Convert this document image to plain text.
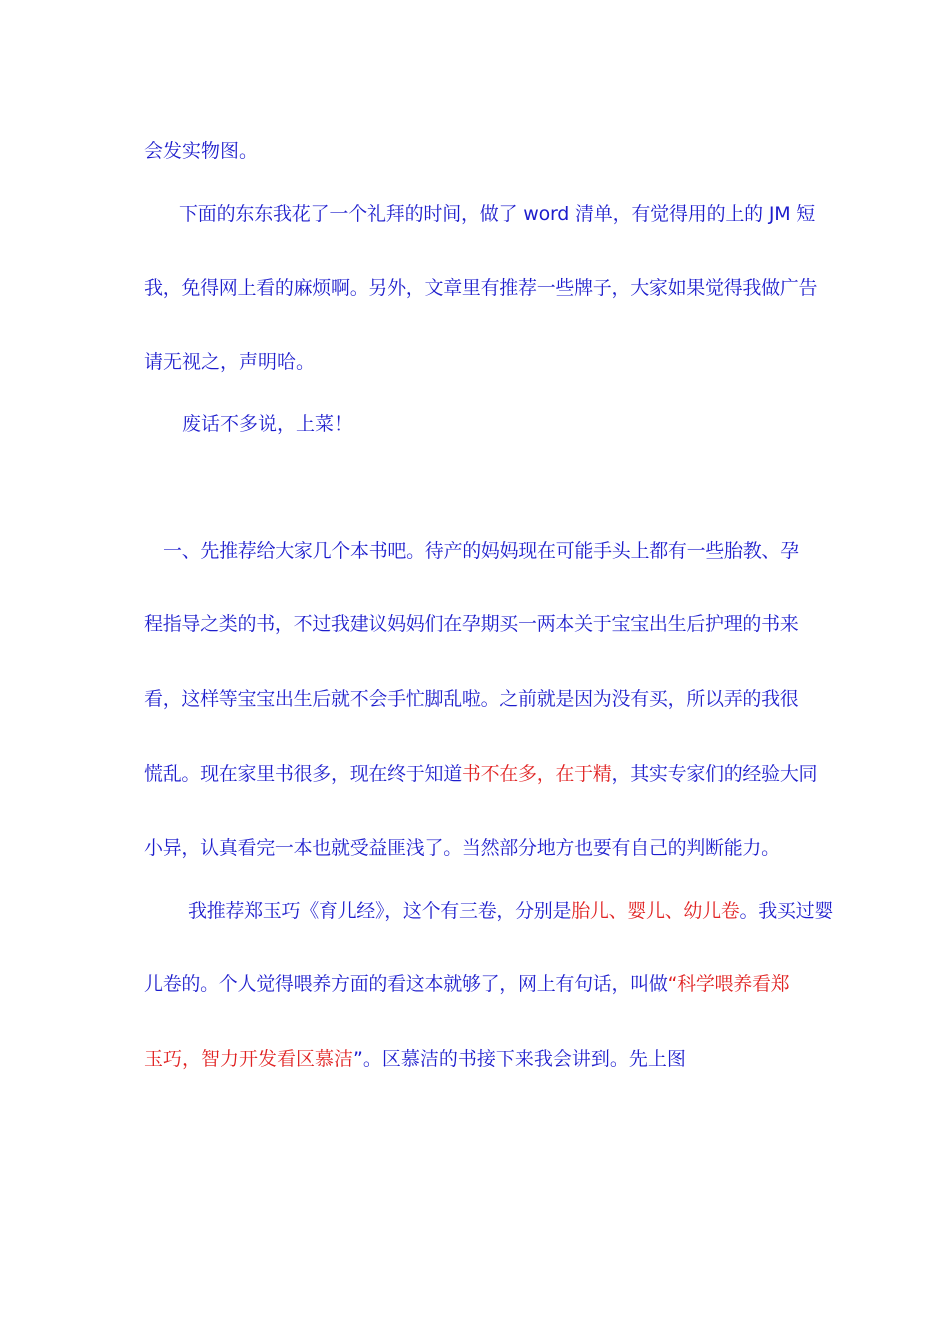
会发实物图。
下面的东东我花了一个礼拜的时间，做了 word 清单，有觉得用的上的 JM 短
我，免得网上看的麻烦啊。另外，文章里有推荐一些牌子，大家如果觉得我做广告
请无视之，声明哈。
废话不多说，上菜！
一、先推荐给大家几个本书吧。待产的妈妈现在可能手头上都有一些胎教、孕
程指导之类的书，不过我建议妈妈们在孕期买一两本关于宝宝出生后护理的书来
看，这样等宝宝出生后就不会手忙脚乱啦。之前就是因为没有买，所以弄的我很
慌乱。现在家里书很多，现在终于知道书不在多，在于精，其实专家们的经验大同
小异，认真看完一本也就受益匪浅了。当然部分地方也要有自己的判断能力。
我推荐郑玉巧《育儿经》，这个有三卷，分别是胎儿、婴儿、幼儿卷。我买过婴
儿卷的。个人觉得喂养方面的看这本就够了，网上有句话，叫做“科学喂养看郑
玉巧，智力开发看区慕洁”。区慕洁的书接下来我会讲到。先上图
